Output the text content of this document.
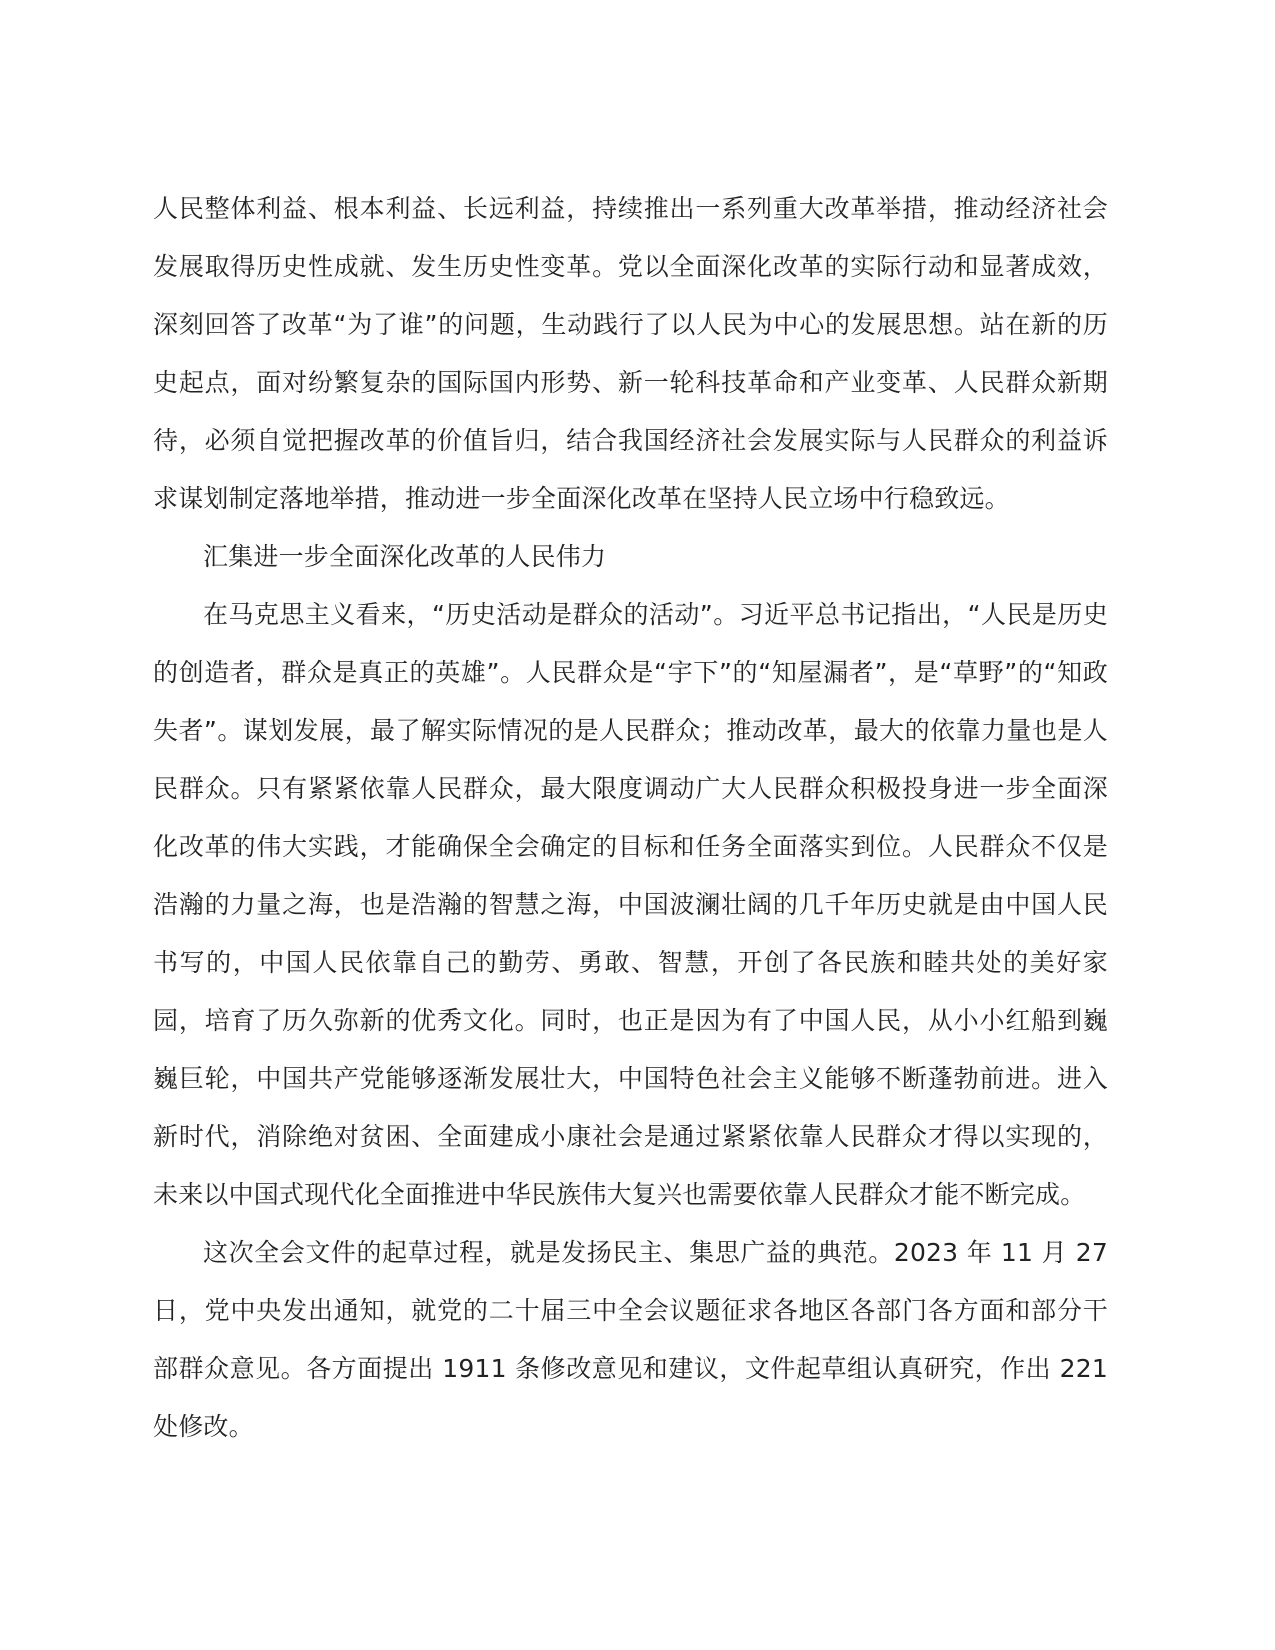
人民整体利益、根本利益、长远利益，持续推出一系列重大改革举措，推动经济社会发展取得历史性成就、发生历史性变革。党以全面深化改革的实际行动和显著成效，深刻回答了改革“为了谁”的问题，生动践行了以人民为中心的发展思想。站在新的历史起点，面对纷繁复杂的国际国内形势、新一轮科技革命和产业变革、人民群众新期待，必须自觉把握改革的价值旨归，结合我国经济社会发展实际与人民群众的利益诉求谋划制定落地举措，推动进一步全面深化改革在坚持人民立场中行稳致远。

汇集进一步全面深化改革的人民伟力

在马克思主义看来，“历史活动是群众的活动”。习近平总书记指出，“人民是历史的创造者，群众是真正的英雄”。人民群众是“宇下”的“知屋漏者”，是“草野”的“知政失者”。谋划发展，最了解实际情况的是人民群众；推动改革，最大的依靠力量也是人民群众。只有紧紧依靠人民群众，最大限度调动广大人民群众积极投身进一步全面深化改革的伟大实践，才能确保全会确定的目标和任务全面落实到位。人民群众不仅是浩瀚的力量之海，也是浩瀚的智慧之海，中国波澜壮阔的几千年历史就是由中国人民书写的，中国人民依靠自己的勤劳、勇敢、智慧，开创了各民族和睦共处的美好家园，培育了历久弥新的优秀文化。同时，也正是因为有了中国人民，从小小红船到巍巍巨轮，中国共产党能够逐渐发展壮大，中国特色社会主义能够不断蓬勃前进。进入新时代，消除绝对贫困、全面建成小康社会是通过紧紧依靠人民群众才得以实现的，未来以中国式现代化全面推进中华民族伟大复兴也需要依靠人民群众才能不断完成。

这次全会文件的起草过程，就是发扬民主、集思广益的典范。2023 年 11 月 27 日，党中央发出通知，就党的二十届三中全会议题征求各地区各部门各方面和部分干部群众意见。各方面提出 1911 条修改意见和建议，文件起草组认真研究，作出 221 处修改。
